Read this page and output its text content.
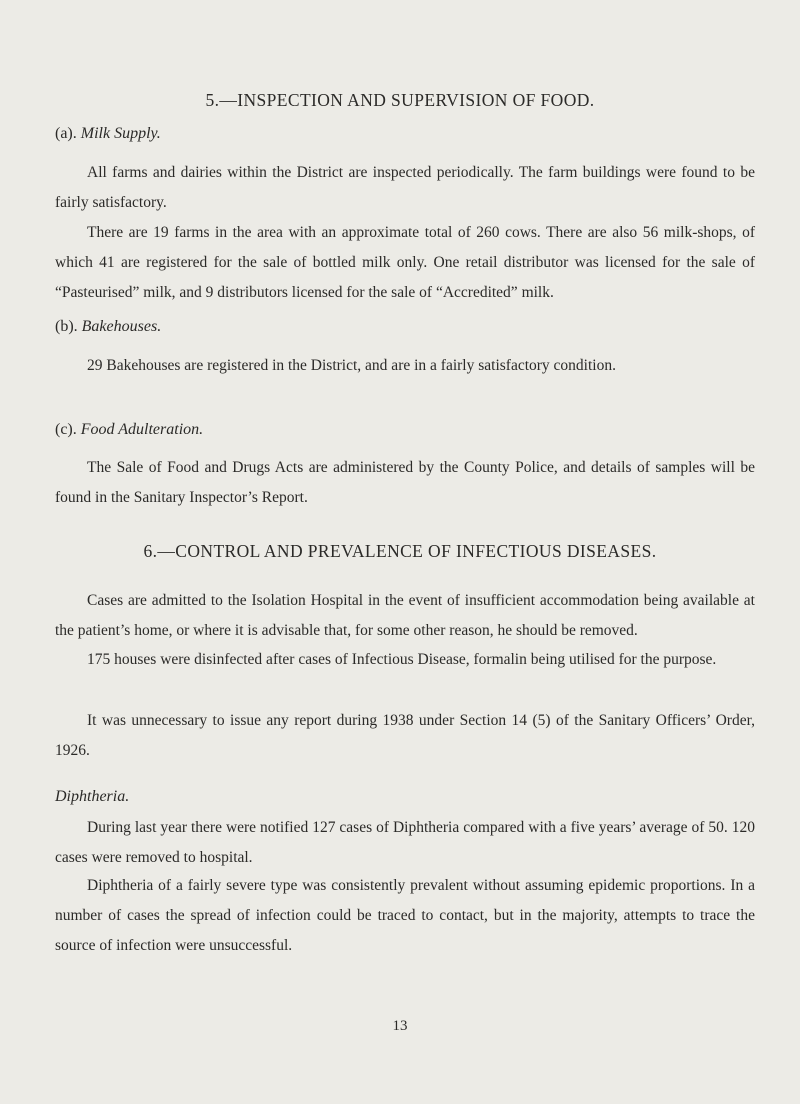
5.—INSPECTION AND SUPERVISION OF FOOD.
(a). Milk Supply.

All farms and dairies within the District are inspected periodically. The farm buildings were found to be fairly satisfactory.

There are 19 farms in the area with an approximate total of 260 cows. There are also 56 milk-shops, of which 41 are registered for the sale of bottled milk only. One retail distributor was licensed for the sale of “Pasteurised” milk, and 9 distributors licensed for the sale of “Accredited” milk.

(b). Bakehouses.

29 Bakehouses are registered in the District, and are in a fairly satisfactory condition.

(c). Food Adulteration.

The Sale of Food and Drugs Acts are administered by the County Police, and details of samples will be found in the Sanitary Inspector’s Report.

6.—CONTROL AND PREVALENCE OF INFECTIOUS DISEASES.

Cases are admitted to the Isolation Hospital in the event of insufficient accommodation being available at the patient’s home, or where it is advisable that, for some other reason, he should be removed.

175 houses were disinfected after cases of Infectious Disease, formalin being utilised for the purpose.

It was unnecessary to issue any report during 1938 under Section 14 (5) of the Sanitary Officers’ Order, 1926.

Diphtheria.

During last year there were notified 127 cases of Diphtheria compared with a five years’ average of 50. 120 cases were removed to hospital.

Diphtheria of a fairly severe type was consistently prevalent without assuming epidemic proportions. In a number of cases the spread of infection could be traced to contact, but in the majority, attempts to trace the source of infection were unsuccessful.

13
